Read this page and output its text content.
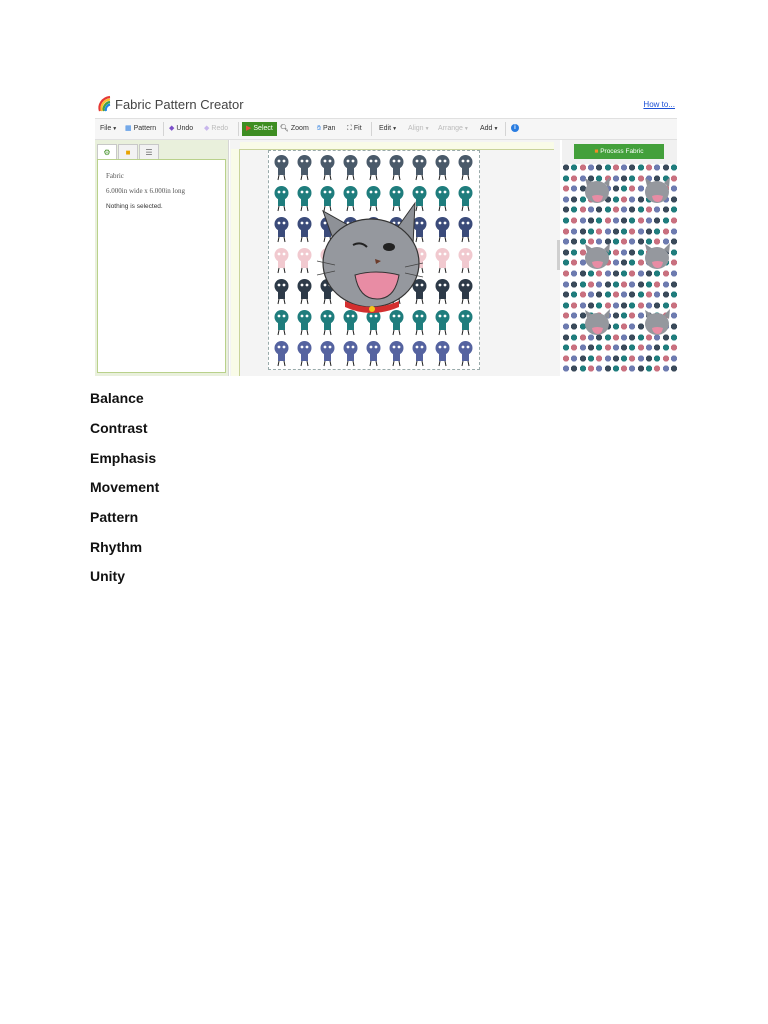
Fabric Pattern Creator	How to...
File▼ ▦ Pattern ◆ Undo ◆ Redo	▶ Select	🔍︎ Zoom ✋︎ Pan ⛶ Fit Edit▼ Align▼ Arrange▼ Add▼	i
⚙	■	☰
Fabric
6.000in wide x 6.000in long
Nothing is selected.
■ Process Fabric
Balance
Contrast
Emphasis
Movement
Pattern
Rhythm
Unity
